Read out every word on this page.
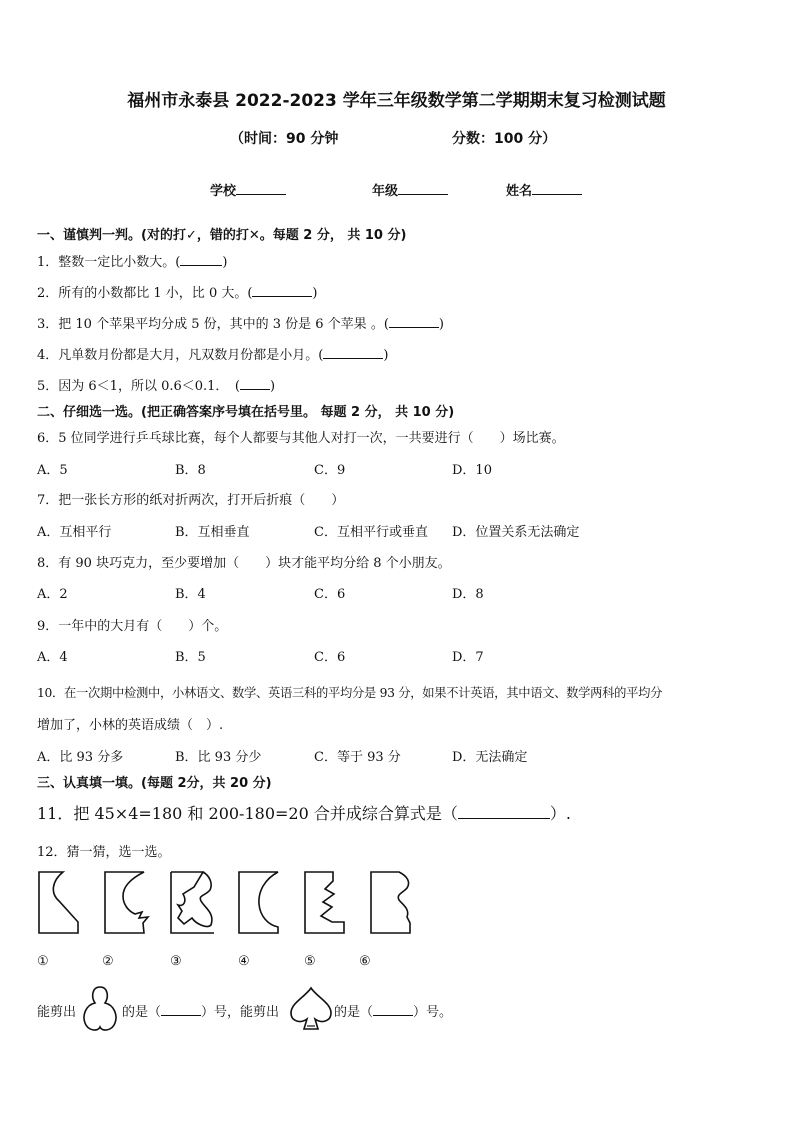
福州市永泰县 2022-2023 学年三年级数学第二学期期末复习检测试题
（时间：90 分钟	分数：100 分）
学校	年级	姓名
一、谨慎判一判。(对的打✓，错的打✕。每题 2 分， 共 10 分)
1．整数一定比小数大。(	)
2．所有的小数都比 1 小，比 0 大。(	)
3．把 10 个苹果平均分成 5 份，其中的 3 份是 6 个苹果 。(	)
4．凡单数月份都是大月，凡双数月份都是小月。(	)
5．因为 6＜1，所以 0.6＜0.1．　( )
二、仔细选一选。(把正确答案序号填在括号里。 每题 2 分， 共 10 分)
6．5 位同学进行乒乓球比赛，每个人都要与其他人对打一次，一共要进行（　　）场比赛。
A．5	B．8	C．9	D．10
7．把一张长方形的纸对折两次，打开后折痕（　　）
A．互相平行	B．互相垂直	C．互相平行或垂直 D．位置关系无法确定
8．有 90 块巧克力，至少要增加（　　）块才能平均分给 8 个小朋友。
A．2	B．4	C．6	D．8
9．一年中的大月有（　　）个。
A．4	B．5	C．6	D．7
10．在一次期中检测中，小林语文、数学、英语三科的平均分是 93 分，如果不计英语，其中语文、数学两科的平均分
增加了，小林的英语成绩（　）.
A．比 93 分多	B．比 93 分少	C．等于 93 分	D．无法确定
三、认真填一填。(每题 2分，共 20 分)
11．把 45×4=180 和 200-180=20 合并成综合算式是（	）.
12．猜一猜，选一选。
①	②	③	④	⑤	⑥
能剪出	的是（	）号，能剪出	的是（	）号。
